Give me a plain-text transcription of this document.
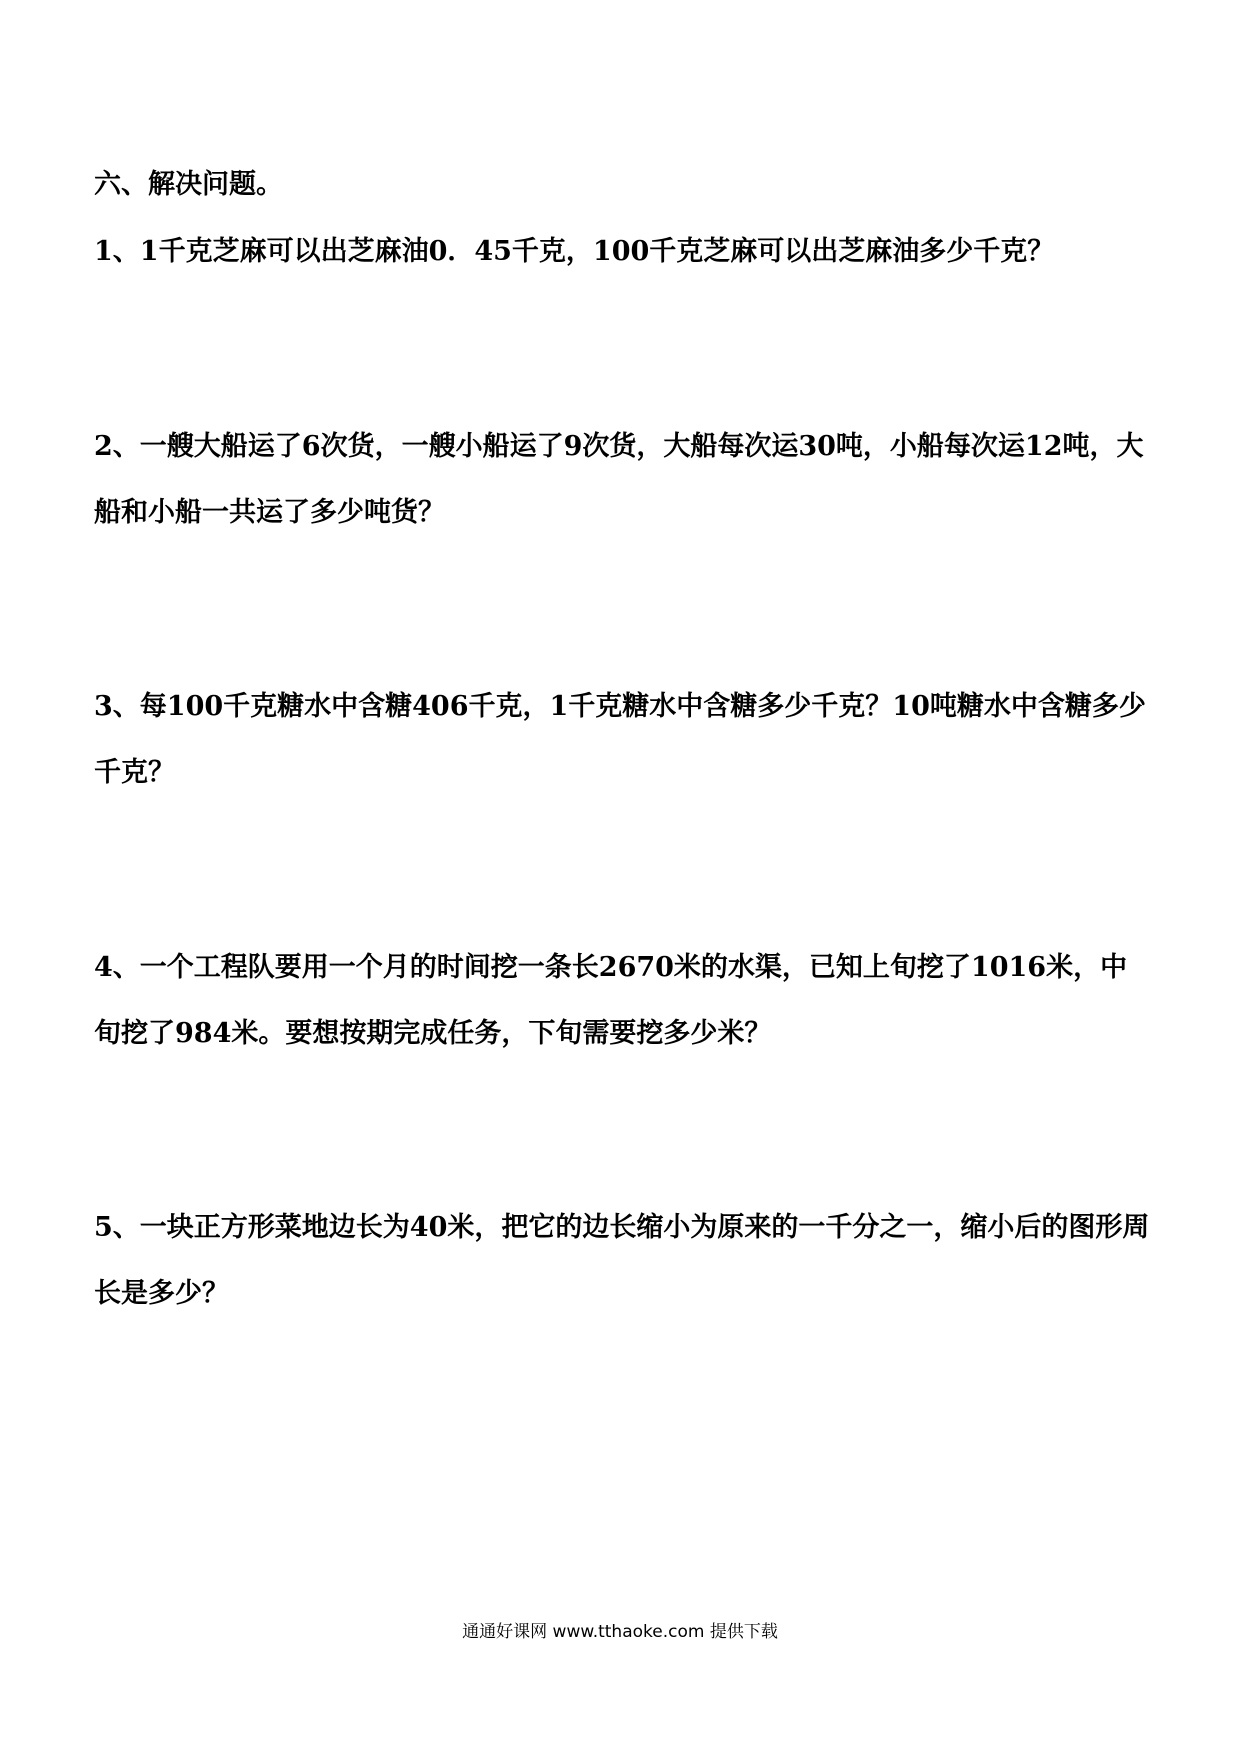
六、解决问题。

1、1千克芝麻可以出芝麻油0．45千克，100千克芝麻可以出芝麻油多少千克？

2、一艘大船运了6次货，一艘小船运了9次货，大船每次运30吨，小船每次运12吨，大船和小船一共运了多少吨货？

3、每100千克糖水中含糖406千克，1千克糖水中含糖多少千克？10吨糖水中含糖多少千克？

4、一个工程队要用一个月的时间挖一条长2670米的水渠，已知上旬挖了1016米，中旬挖了984米。要想按期完成任务，下旬需要挖多少米？

5、一块正方形菜地边长为40米，把它的边长缩小为原来的一千分之一，缩小后的图形周长是多少？

通通好课网 www.tthaoke.com 提供下载
